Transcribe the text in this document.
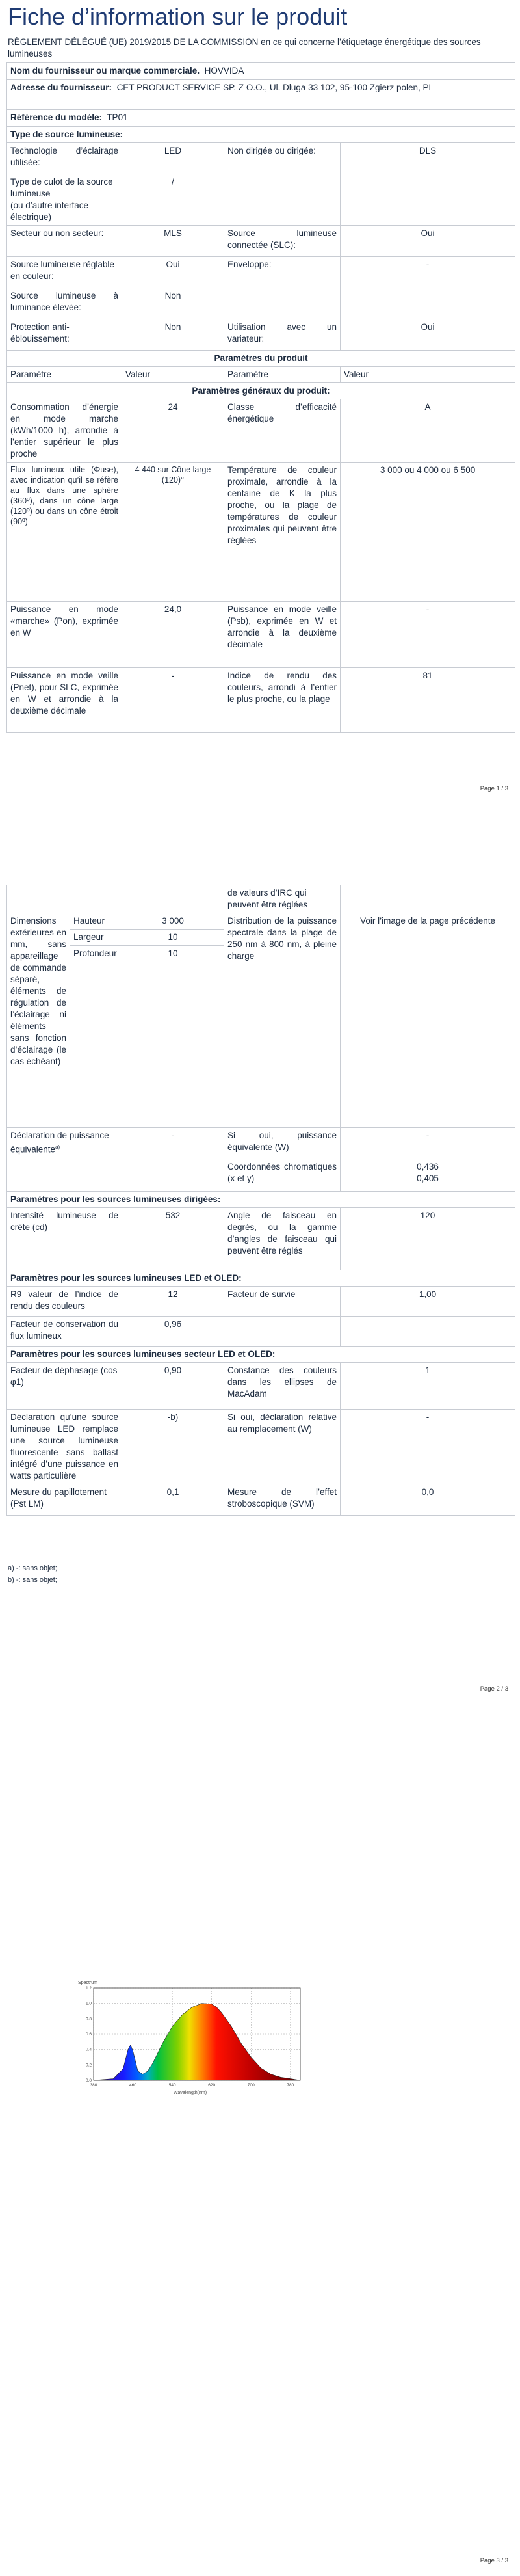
Fiche d’information sur le produit
RÈGLEMENT DÉLÉGUÉ (UE) 2019/2015 DE LA COMMISSION en ce qui concerne l’étiquetage énergétique des sources lumineuses
Nom du fournisseur ou marque commerciale. HOVVIDA			
Adresse du fournisseur: CET PRODUCT SERVICE SP. Z O.O., Ul. Dluga 33 102, 95-100 Zgierz polen, PL			
Référence du modèle: TP01			
Type de source lumineuse:			
Technologie d’éclairage utilisée:	LED	Non dirigée ou dirigée:	DLS
Type de culot de la source lumineuse
(ou d’autre interface électrique)	/		
Secteur ou non secteur:	MLS	Source lumineuse connectée (SLC):	Oui
Source lumineuse réglable en couleur:	Oui	Enveloppe:	-
Source lumineuse à luminance élevée:	Non		
Protection anti-éblouissement:	Non	Utilisation avec un variateur:	Oui
Paramètres du produit			
Paramètre	Valeur	Paramètre	Valeur
Paramètres généraux du produit:			
Consommation d’énergie en mode marche (kWh/1000 h), arrondie à l’entier supérieur le plus proche	24	Classe d’efficacité énergétique	A
Flux lumineux utile (Φuse), avec indication qu’il se réfère au flux dans une sphère (360º), dans un cône large (120º) ou dans un cône étroit (90º)	4 440 sur Cône large (120)°	Température de couleur proximale, arrondie à la centaine de K la plus proche, ou la plage de températures de couleur proximales qui peuvent être réglées	3 000 ou 4 000 ou 6 500
Puissance en mode «marche» (Pon), exprimée en W	24,0	Puissance en mode veille (Psb), exprimée en W et arrondie à la deuxième décimale	-
Puissance en mode veille (Pnet), pour SLC, exprimée en W et arrondie à la deuxième décimale	-	Indice de rendu des couleurs, arrondi à l’entier le plus proche, ou la plage	81
Page 1 / 3
			de valeurs d’IRC qui peuvent être réglées	
Dimensions extérieures en mm, sans appareillage de commande séparé, éléments de régulation de l’éclairage ni éléments sans fonction d’éclairage (le cas échéant)	Hauteur	3 000	Distribution de la puissance spectrale dans la plage de 250 nm à 800 nm, à pleine charge	Voir l’image de la page précédente
	Largeur	10		
	Profondeur	10		
Déclaration de puissance équivalente$^{a)}$		-	Si oui, puissance équivalente (W)	-
			Coordonnées chromatiques (x et y)	0,436
0,405
Paramètres pour les sources lumineuses dirigées:				
Intensité lumineuse de crête (cd)		532	Angle de faisceau en degrés, ou la gamme d’angles de faisceau qui peuvent être réglés	120
Paramètres pour les sources lumineuses LED et OLED:				
R9 valeur de l’indice de rendu des couleurs		12	Facteur de survie	1,00
Facteur de conservation du flux lumineux		0,96		
Paramètres pour les sources lumineuses secteur LED et OLED:				
Facteur de déphasage (cos φ1)		0,90	Constance des couleurs dans les ellipses de MacAdam	1
Déclaration qu’une source lumineuse LED remplace une source lumineuse fluorescente sans ballast intégré d’une puissance en watts particulière		-b)	Si oui, déclaration relative au remplacement (W)	-
Mesure du papillotement (Pst LM)		0,1	Mesure de l’effet stroboscopique (SVM)	0,0
a) -: sans objet;
b) -: sans objet;
Page 2 / 3
380	460	540	620	700	780
0.0
0.2
0.4
0.6
0.8
1.0
1.2
Spectrum
Wavelength(nm)
Page 3 / 3
